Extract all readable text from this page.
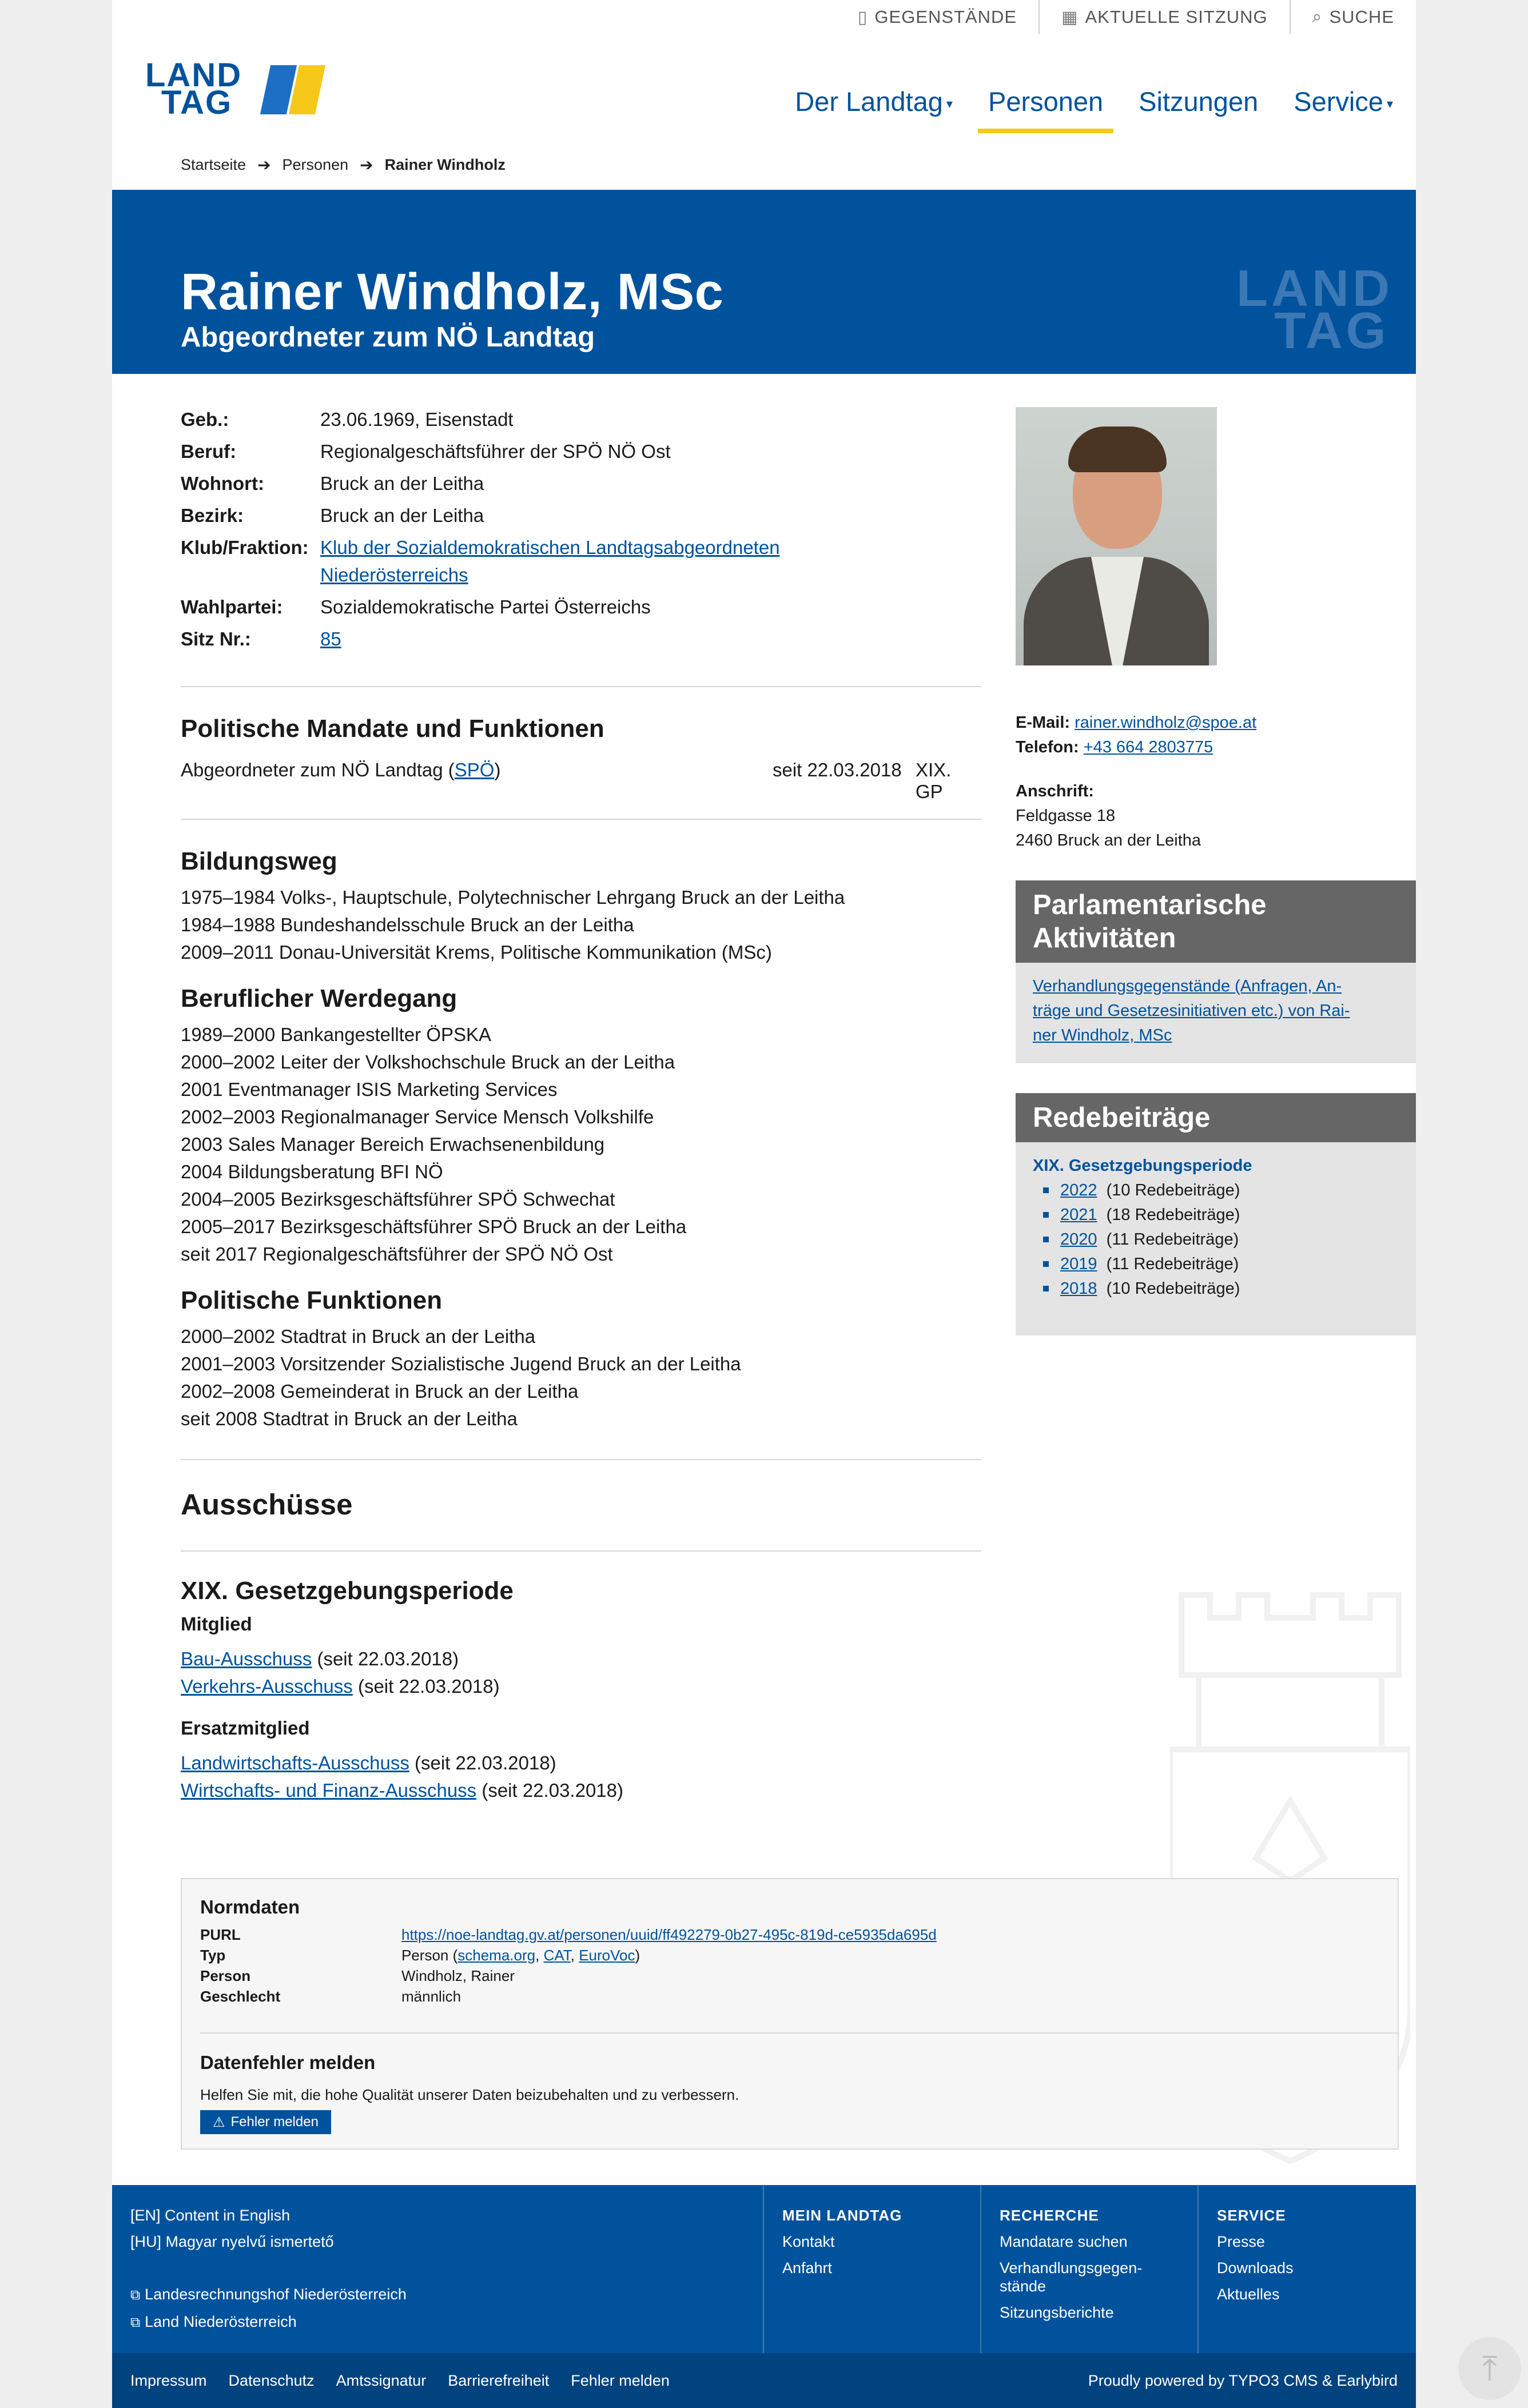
▯ GEGENSTÄNDE	▦ AKTUELLE SITZUNG	⌕ SUCHE
LAND
TAG	Der Landtag ▾ Personen Sitzungen Service ▾
Startseite ➔ Personen ➔ Rainer Windholz
Rainer Windholz, MSc
Abgeordneter zum NÖ Landtag
LAND
TAG
Geb.:	23.06.1969, Eisenstadt
Beruf:	Regionalgeschäftsführer der SPÖ NÖ Ost
Wohnort:	Bruck an der Leitha
Bezirk:	Bruck an der Leitha
Klub/Fraktion: Klub der Sozialdemokratischen Landtagsabgeordneten
Niederösterreichs
Wahlpartei:	Sozialdemokratische Partei Österreichs
Sitz Nr.:	85
Politische Mandate und Funktionen
Abgeordneter zum NÖ Landtag (SPÖ)	seit 22.03.2018 XIX. GP
Bildungsweg
1975–1984 Volks-, Hauptschule, Polytechnischer Lehrgang Bruck an der Leitha
1984–1988 Bundeshandelsschule Bruck an der Leitha
2009–2011 Donau-Universität Krems, Politische Kommunikation (MSc)
Beruflicher Werdegang
1989–2000 Bankangestellter ÖPSKA
2000–2002 Leiter der Volkshochschule Bruck an der Leitha
2001 Eventmanager ISIS Marketing Services
2002–2003 Regionalmanager Service Mensch Volkshilfe
2003 Sales Manager Bereich Erwachsenenbildung
2004 Bildungsberatung BFI NÖ
2004–2005 Bezirksgeschäftsführer SPÖ Schwechat
2005–2017 Bezirksgeschäftsführer SPÖ Bruck an der Leitha
seit 2017 Regionalgeschäftsführer der SPÖ NÖ Ost
Politische Funktionen
2000–2002 Stadtrat in Bruck an der Leitha
2001–2003 Vorsitzender Sozialistische Jugend Bruck an der Leitha
2002–2008 Gemeinderat in Bruck an der Leitha
seit 2008 Stadtrat in Bruck an der Leitha
Ausschüsse
XIX. Gesetzgebungsperiode
Mitglied
Bau-Ausschuss (seit 22.03.2018)
Verkehrs-Ausschuss (seit 22.03.2018)
Ersatzmitglied
Landwirtschafts-Ausschuss (seit 22.03.2018)
Wirtschafts- und Finanz-Ausschuss (seit 22.03.2018)
E-Mail: rainer.windholz@spoe.at
Telefon: +43 664 2803775
Anschrift:
Feldgasse 18
2460 Bruck an der Leitha
Parlamentarische Aktivitäten
Verhandlungsgegenstände (Anfragen, An-
träge und Gesetzesinitiativen etc.) von Rai-
ner Windholz, MSc
Redebeiträge
XIX. Gesetzgebungsperiode
2022 (10 Redebeiträge)
2021 (18 Redebeiträge)
2020 (11 Redebeiträge)
2019 (11 Redebeiträge)
2018 (10 Redebeiträge)
Normdaten
PURL	https://noe-landtag.gv.at/personen/uuid/ff492279-0b27-495c-819d-ce5935da695d
Typ	Person (schema.org, CAT, EuroVoc)
Person	Windholz, Rainer
Geschlecht	männlich
Datenfehler melden
Helfen Sie mit, die hohe Qualität unserer Daten beizubehalten und zu verbessern.
⚠ Fehler melden
[EN] Content in English
[HU] Magyar nyelvű ismertető
⧉ Landesrechnungshof Niederösterreich
⧉ Land Niederösterreich
MEIN LANDTAG
Kontakt
Anfahrt
RECHERCHE
Mandatare suchen
Verhandlungsgegen-
stände
Sitzungsberichte
SERVICE
Presse
Downloads
Aktuelles
Impressum Datenschutz Amtssignatur Barrierefreiheit Fehler melden	Proudly powered by TYPO3 CMS & Earlybird	⤒
